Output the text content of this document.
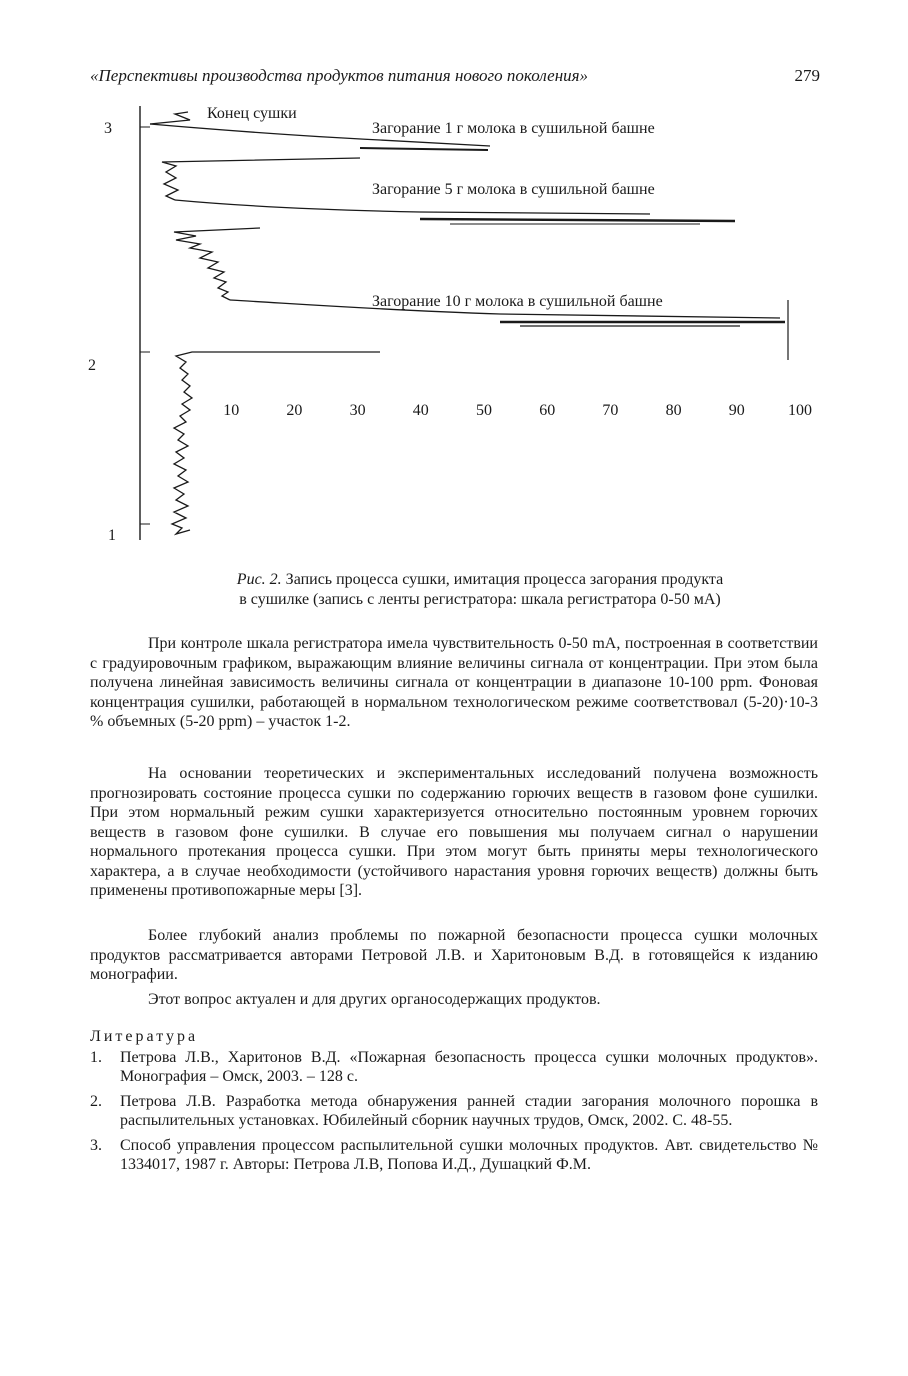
«Перспективы производства продуктов питания нового поколения»	279
3
2
1
Конец сушки
Загорание 1 г молока в сушильной башне
Загорание 5 г молока в сушильной башне
Загорание 10 г молока в сушильной башне
10	20	30	40	50	60	70	80	90	100
Рис. 2. Запись процесса сушки, имитация процесса загорания продукта
в сушилке (запись с ленты регистратора: шкала регистратора 0-50 мА)

При контроле шкала регистратора имела чувствительность 0-50 mA, построенная в соответствии с градуировочным графиком, выражающим влияние величины сигнала от концентрации. При этом была получена линейная зависимость величины сигнала от концентрации в диапазоне 10-100 ppm. Фоновая концентрация сушилки, работающей в нормальном технологическом режиме соответствовал (5-20)·10-3 % объемных (5-20 ppm) – участок 1-2.

На основании теоретических и экспериментальных исследований получена возможность прогнозировать состояние процесса сушки по содержанию горючих веществ в газовом фоне сушилки. При этом нормальный режим сушки характеризуется относительно постоянным уровнем горючих веществ в газовом фоне сушилки. В случае его повышения мы получаем сигнал о нарушении нормального протекания процесса сушки. При этом могут быть приняты меры технологического характера, а в случае необходимости (устойчивого нарастания уровня горючих веществ) должны быть применены противопожарные меры [3].

Более глубокий анализ проблемы по пожарной безопасности процесса сушки молочных продуктов рассматривается авторами Петровой Л.В. и Харитоновым В.Д. в готовящейся к изданию монографии.

Этот вопрос актуален и для других органосодержащих продуктов.

Литература
1. Петрова Л.В., Харитонов В.Д. «Пожарная безопасность процесса сушки молочных продуктов». Монография – Омск, 2003. – 128 с.
2. Петрова Л.В. Разработка метода обнаружения ранней стадии загорания молочного порошка в распылительных установках. Юбилейный сборник научных трудов, Омск, 2002. С. 48-55.
3. Способ управления процессом распылительной сушки молочных продуктов. Авт. свидетельство № 1334017, 1987 г. Авторы: Петрова Л.В, Попова И.Д., Душацкий Ф.М.
